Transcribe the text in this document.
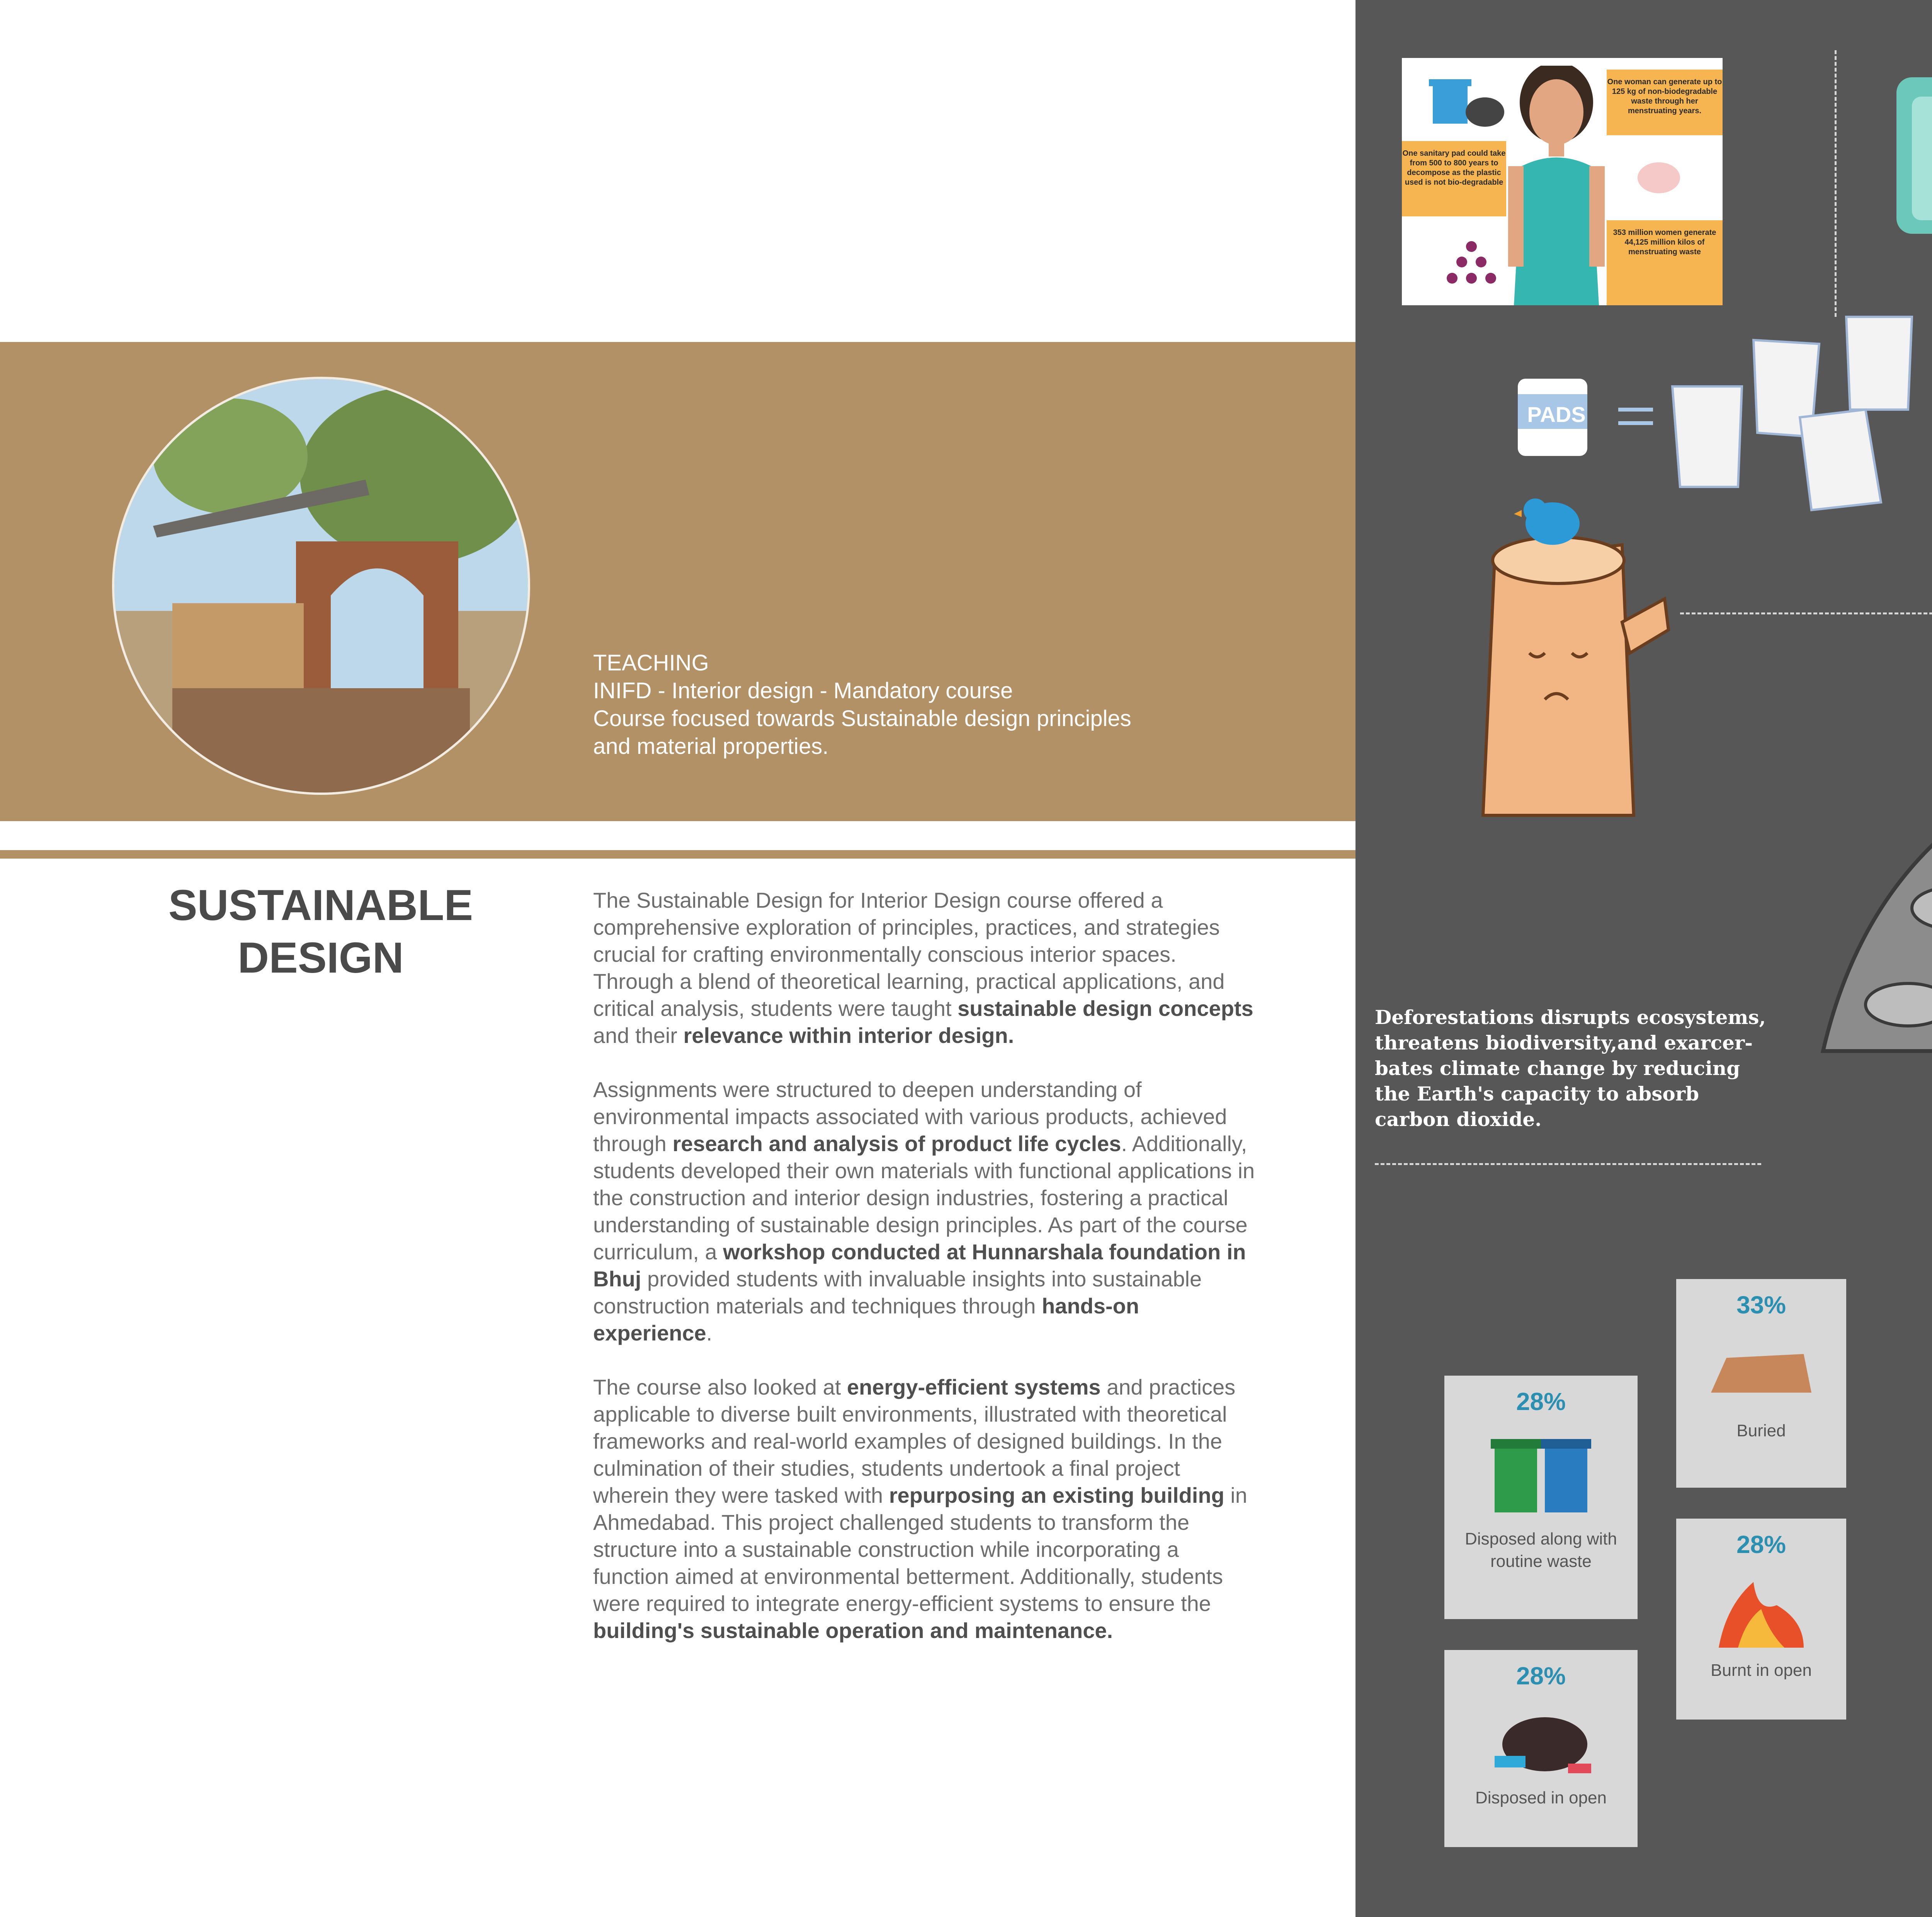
TEACHING
INIFD - Interior design - Mandatory course
Course focused towards Sustainable design principles
and material properties.
SUSTAINABLE
DESIGN

The Sustainable Design for Interior Design course offered a comprehensive exploration of principles, practices, and strategies crucial for crafting environmentally conscious interior spaces. Through a blend of theoretical learning, practical applications, and critical analysis, students were taught sustainable design concepts and their relevance within interior design.

Assignments were structured to deepen understanding of environmental impacts associated with various products, achieved through research and analysis of product life cycles. Additionally, students developed their own materials with functional applications in the construction and interior design industries, fostering a practical understanding of sustainable design principles. As part of the course curriculum, a workshop conducted at Hunnarshala foundation in Bhuj provided students with invaluable insights into sustainable construction materials and techniques through hands-on experience.

The course also looked at energy-efficient systems and practices applicable to diverse built environments, illustrated with theoretical frameworks and real-world examples of designed buildings. In the culmination of their studies, students undertook a final project wherein they were tasked with repurposing an existing building in Ahmedabad. This project challenged students to transform the structure into a sustainable construction while incorporating a function aimed at environmental betterment. Additionally, students were required to integrate energy-efficient systems to ensure the building's sustainable operation and maintenance.

One woman can generate up to 125 kg of non-biodegradable waste through her menstruating years.
One sanitary pad could take from 500 to 800 years to decompose as the plastic used is not bio-degradable
353 million women generate 44,125 million kilos of menstruating waste
PADS
Deforestations disrupts ecosystems, threatens biodiversity,and exarcer-bates climate change by reducing the Earth's capacity to absorb carbon dioxide.
28%
Disposed along with routine waste
33%
Buried
28%
Burnt in open
28%
Disposed in open
